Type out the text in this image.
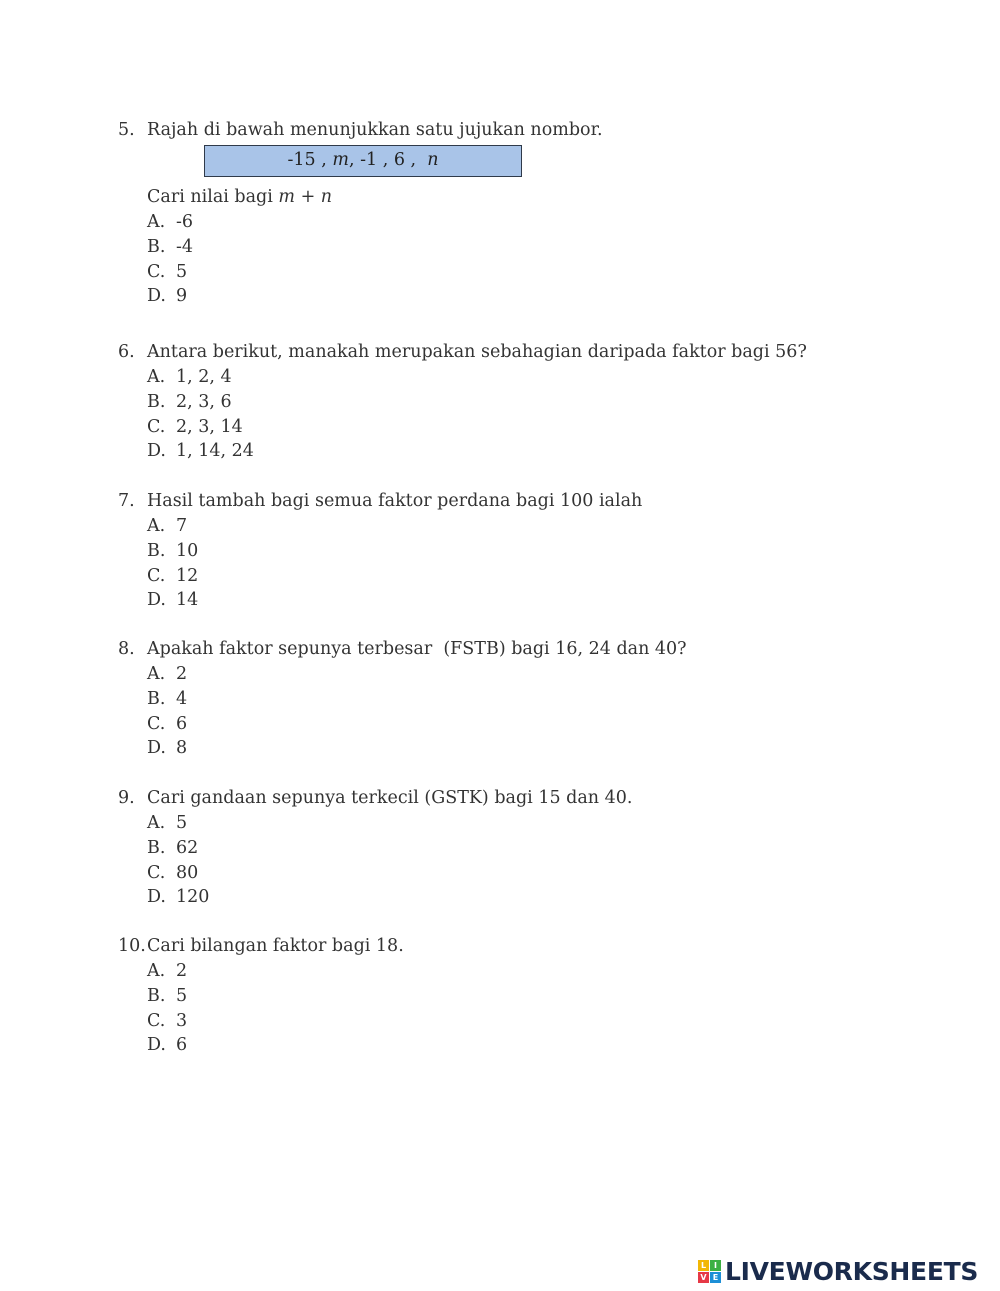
5. Rajah di bawah menunjukkan satu jujukan nombor.
-15 , m, -1 , 6 ,  n
Cari nilai bagi m + n
A. -6
B. -4
C. 5
D. 9
6. Antara berikut, manakah merupakan sebahagian daripada faktor bagi 56?
A. 1, 2, 4
B. 2, 3, 6
C. 2, 3, 14
D. 1, 14, 24
7. Hasil tambah bagi semua faktor perdana bagi 100 ialah
A. 7
B. 10
C. 12
D. 14
8. Apakah faktor sepunya terbesar  (FSTB) bagi 16, 24 dan 40?
A. 2
B. 4
C. 6
D. 8
9. Cari gandaan sepunya terkecil (GSTK) bagi 15 dan 40.
A. 5
B. 62
C. 80
D. 120
10. Cari bilangan faktor bagi 18.
A. 2
B. 5
C. 3
D. 6
L I
V E LIVEWORKSHEETS
